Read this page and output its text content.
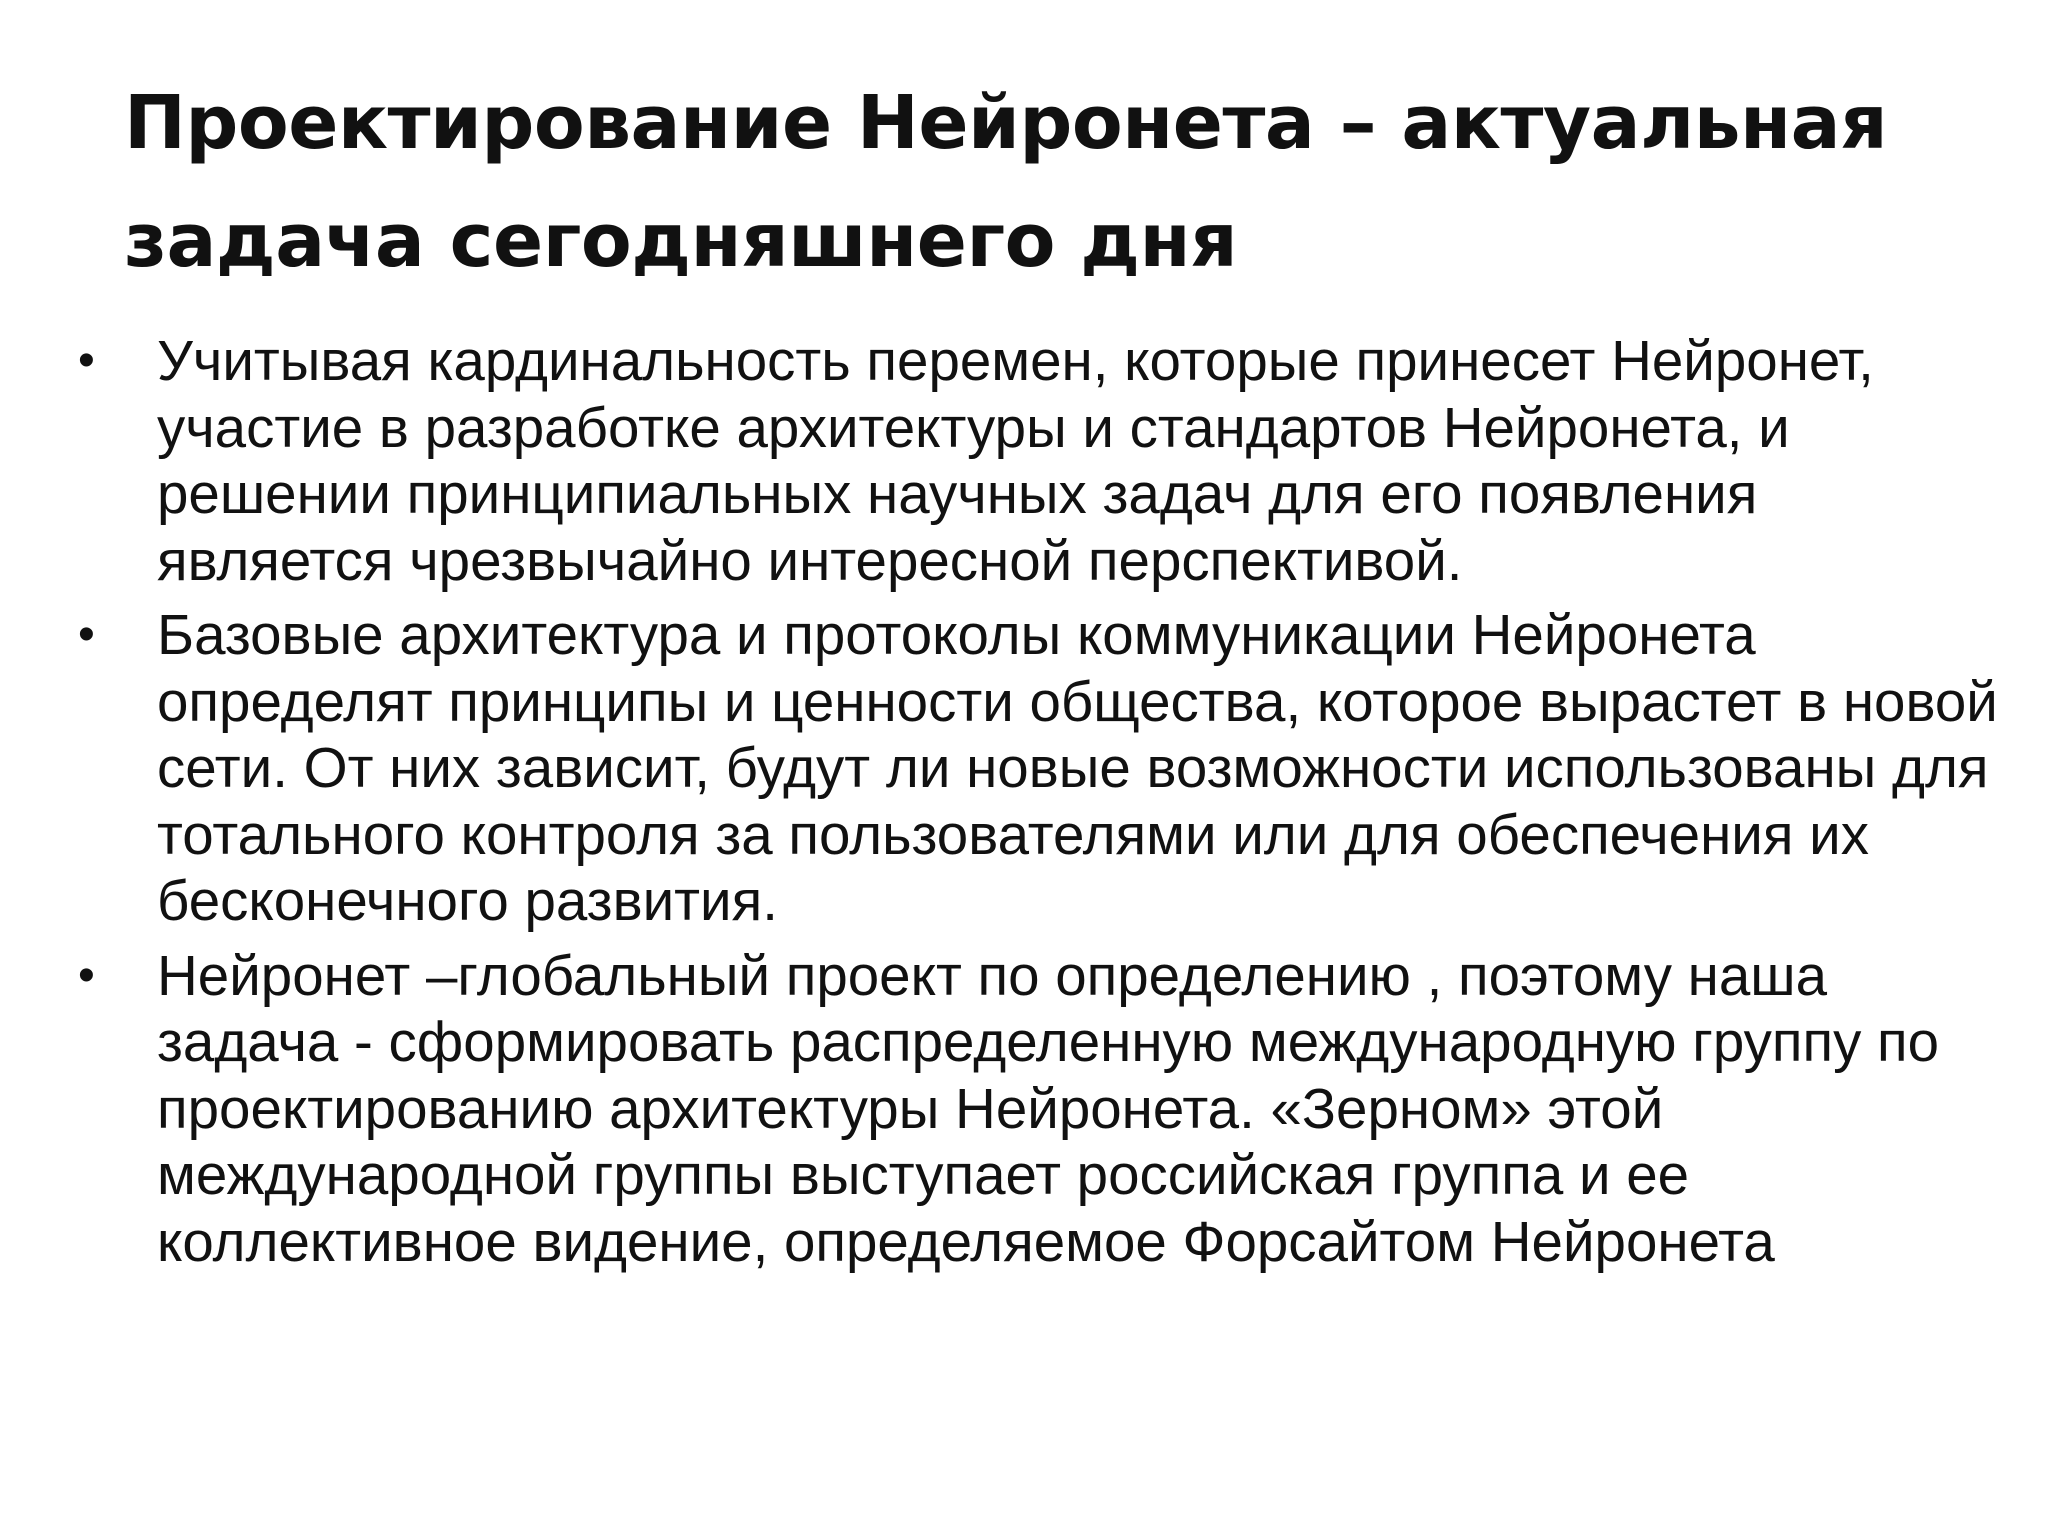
Проектирование Нейронета – актуальная задача сегодняшнего дня
• Учитывая кардинальность перемен, которые принесет Нейронет, участие в разработке архитектуры и стандартов Нейронета, и решении принципиальных научных задач для его появления является чрезвычайно интересной перспективой.
• Базовые архитектура и протоколы коммуникации Нейронета определят принципы и ценности общества, которое вырастет в новой сети. От них зависит, будут ли новые возможности использованы для тотального контроля за пользователями или для обеспечения их бесконечного развития.
• Нейронет –глобальный проект по определению , поэтому наша задача - сформировать распределенную международную группу по проектированию архитектуры Нейронета. «Зерном» этой международной группы выступает российская группа и ее коллективное видение, определяемое Форсайтом Нейронета
